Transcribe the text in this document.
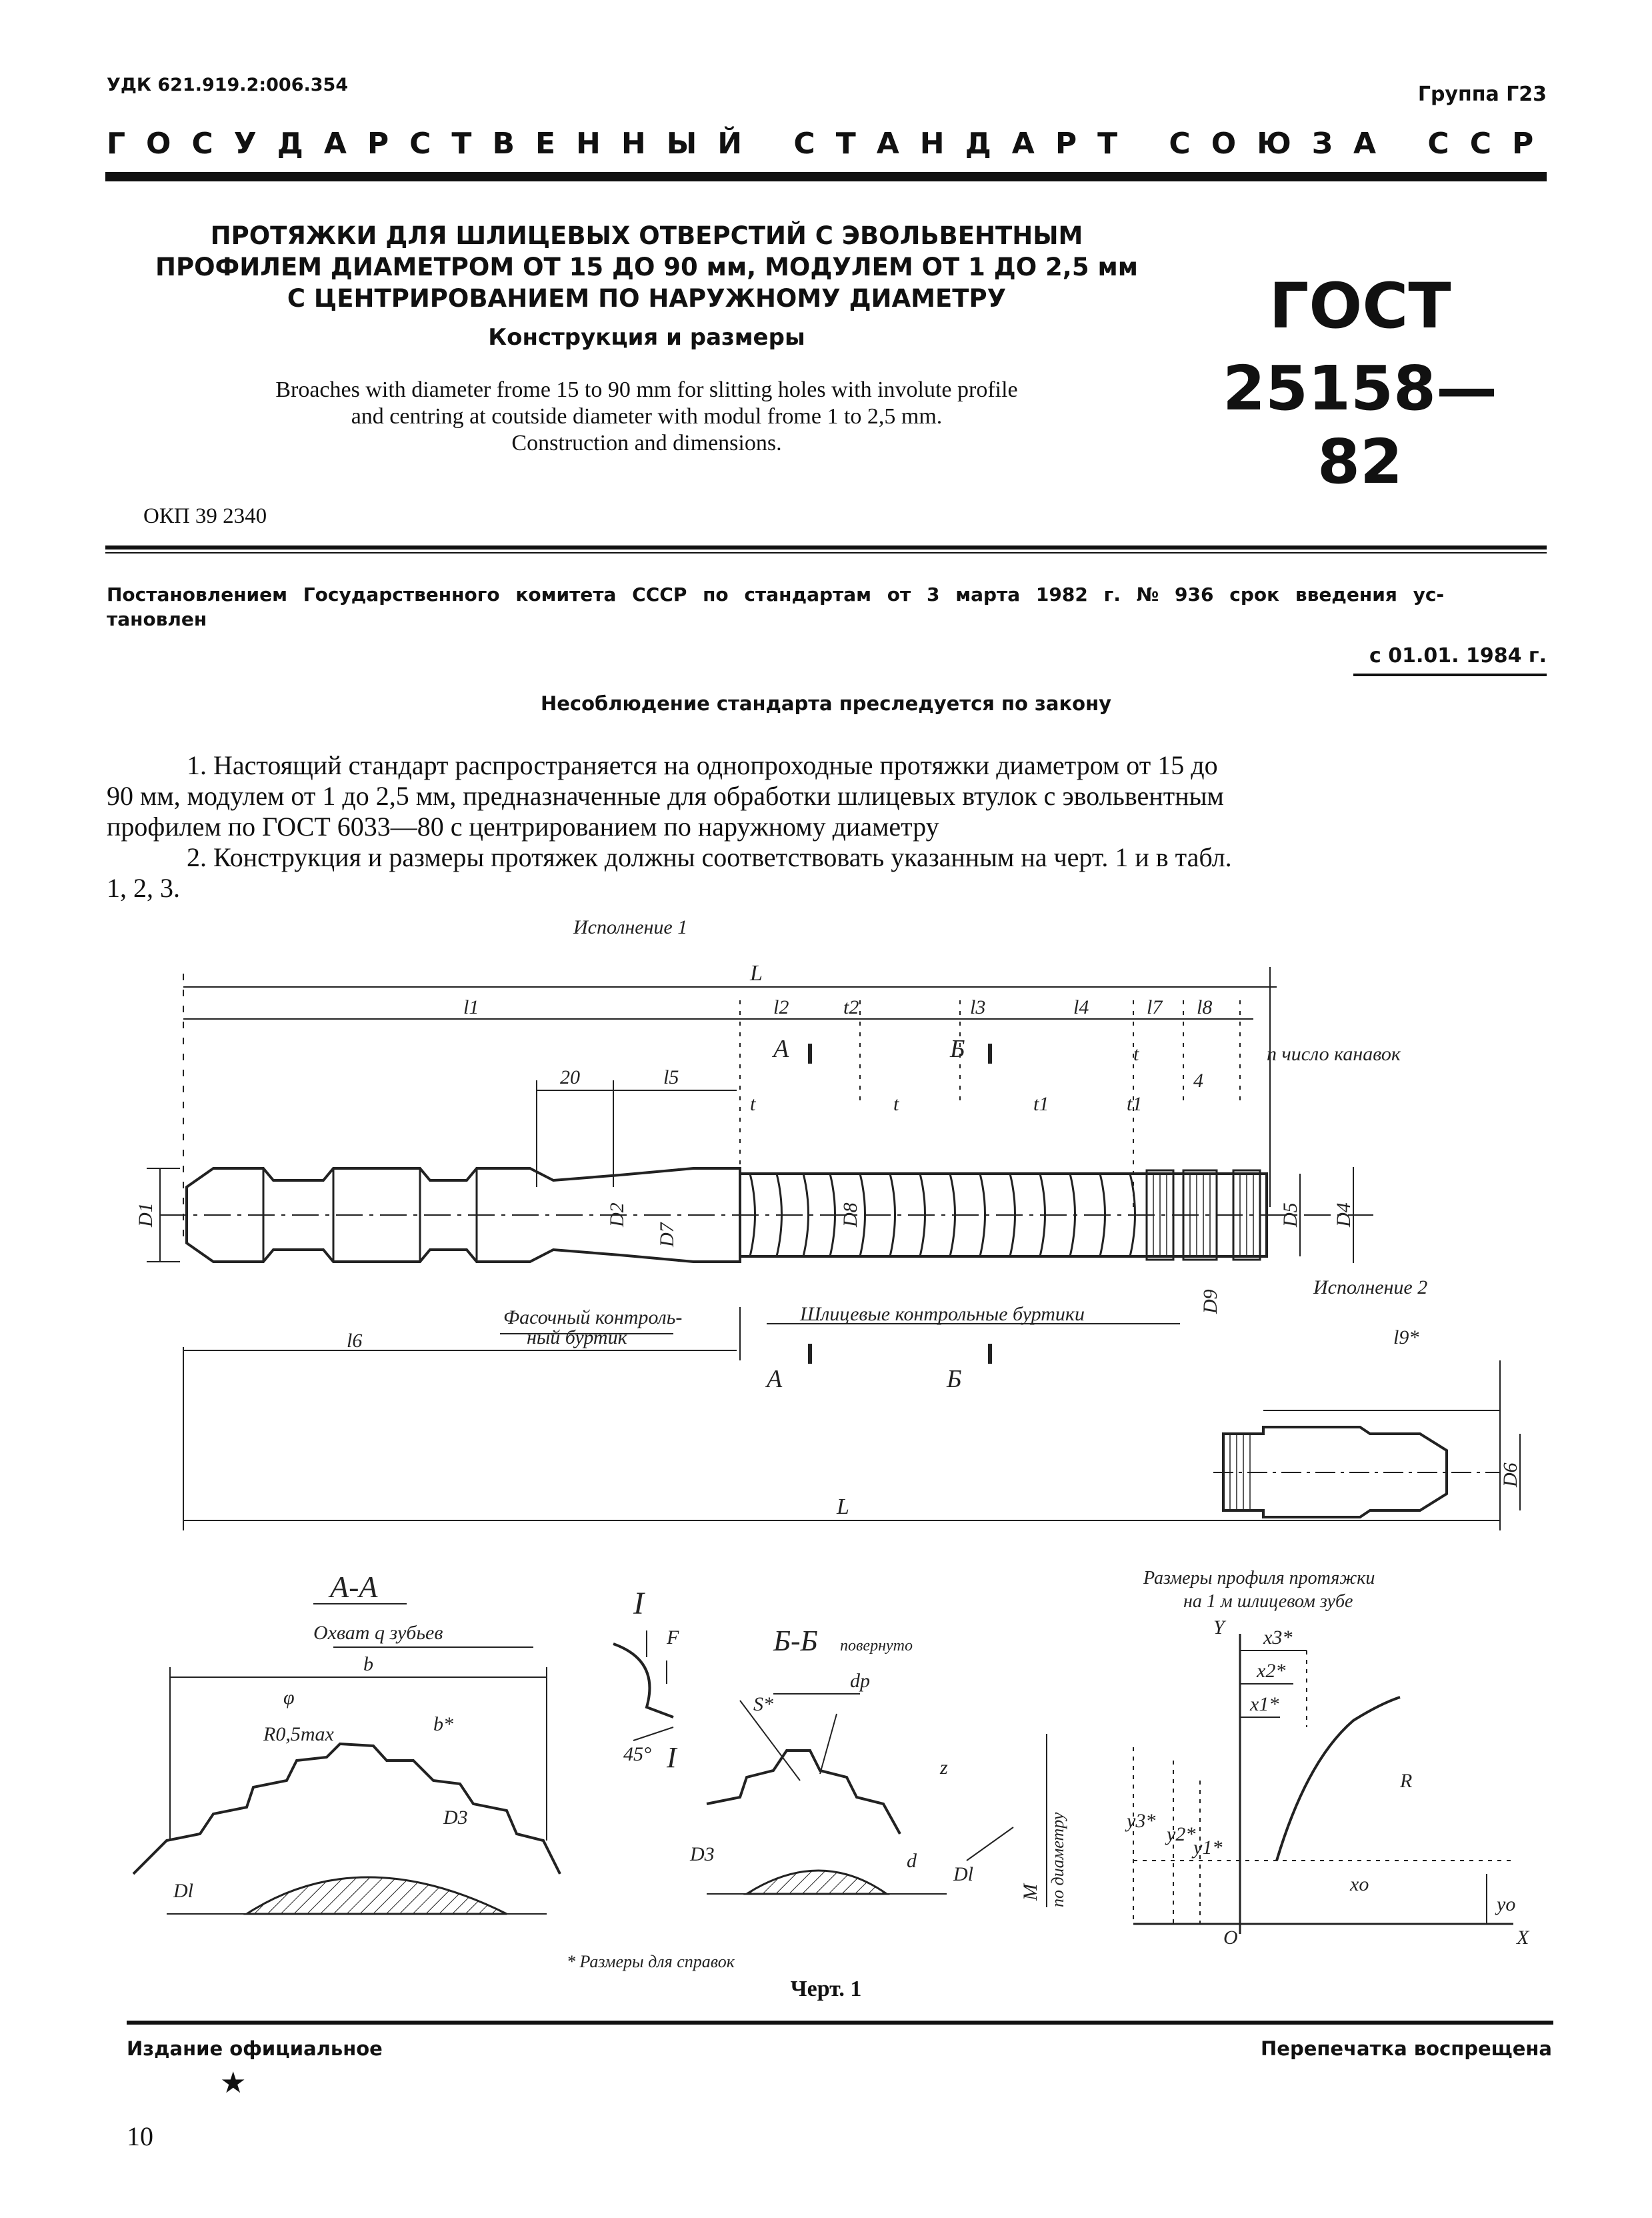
УДК 621.919.2:006.354	Группа Г23
ГОСУДАРСТВЕННЫЙ СТАНДАРТ СОЮЗА ССР
ПРОТЯЖКИ ДЛЯ ШЛИЦЕВЫХ ОТВЕРСТИЙ С ЭВОЛЬВЕНТНЫМ
ПРОФИЛЕМ ДИАМЕТРОМ ОТ 15 ДО 90 мм, МОДУЛЕМ ОТ 1 ДО 2,5 мм
С ЦЕНТРИРОВАНИЕМ ПО НАРУЖНОМУ ДИАМЕТРУ
Конструкция и размеры
Broaches with diameter frome 15 to 90 mm for slitting holes with involute profile
and centring at coutside diameter with modul frome 1 to 2,5 mm.
Construction and dimensions.
ГОСТ
25158—82
ОКП 39 2340
Постановлением Государственного комитета СССР по стандартам от 3 марта 1982 г. № 936 срок введения ус-
тановлен
с 01.01. 1984 г.
Несоблюдение стандарта преследуется по закону
1. Настоящий стандарт распространяется на однопроходные протяжки диаметром от 15 до
90 мм, модулем от 1 до 2,5 мм, предназначенные для обработки шлицевых втулок с эвольвентным
профилем по ГОСТ 6033—80 с центрированием по наружному диаметру
2. Конструкция и размеры протяжек должны соответствовать указанным на черт. 1 и в табл.
1, 2, 3.
Исполнение 1
Исполнение 2
L
l1	l2	t2	l3	l4	l7 l8
20	l5
t	t
t
t1	t1
4
n число канавок
А	Б
А	Б
l6	l9*
L
Фасочный контроль-
ный буртик
Шлицевые контрольные буртики
D1	D2
D7
D8	D5 D4
D9
D6
А-А
Охват q зубьев
b
φ
R0,5max	b*
D3
Dl
I
F
45°
Б-Б повернуто
S*
dp
z
I
D3	d
Dl
M по диаметру
* Размеры для справок
Размеры профиля протяжки
на 1 м шлицевом зубе
Y
X
O
x3*
x2*
x1*
y3*
y2*
y1*
xo
yo
R
Черт. 1
Издание официальное	Перепечатка воспрещена
★
10
